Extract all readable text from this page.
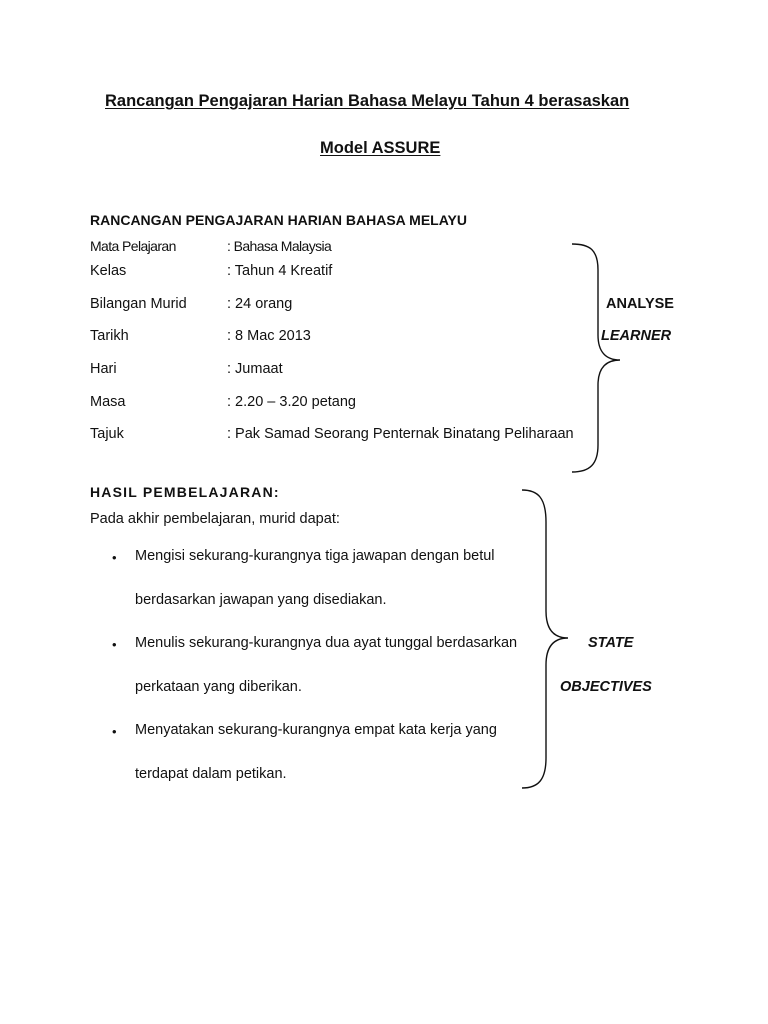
Rancangan Pengajaran Harian Bahasa Melayu Tahun 4 berasaskan
Model ASSURE
RANCANGAN PENGAJARAN HARIAN BAHASA MELAYU
Mata Pelajaran	: Bahasa Malaysia
Kelas	: Tahun 4 Kreatif
Bilangan Murid	: 24 orang
Tarikh	: 8 Mac 2013
Hari	: Jumaat
Masa	: 2.20 – 3.20 petang
Tajuk	: Pak Samad Seorang Penternak Binatang Peliharaan
ANALYSE
LEARNER
HASIL PEMBELAJARAN:
Pada akhir pembelajaran, murid dapat:
• Mengisi sekurang-kurangnya tiga jawapan dengan betul
berdasarkan jawapan yang disediakan.
• Menulis sekurang-kurangnya dua ayat tunggal berdasarkan
perkataan yang diberikan.
• Menyatakan sekurang-kurangnya empat kata kerja yang
terdapat dalam petikan.
STATE
OBJECTIVES
